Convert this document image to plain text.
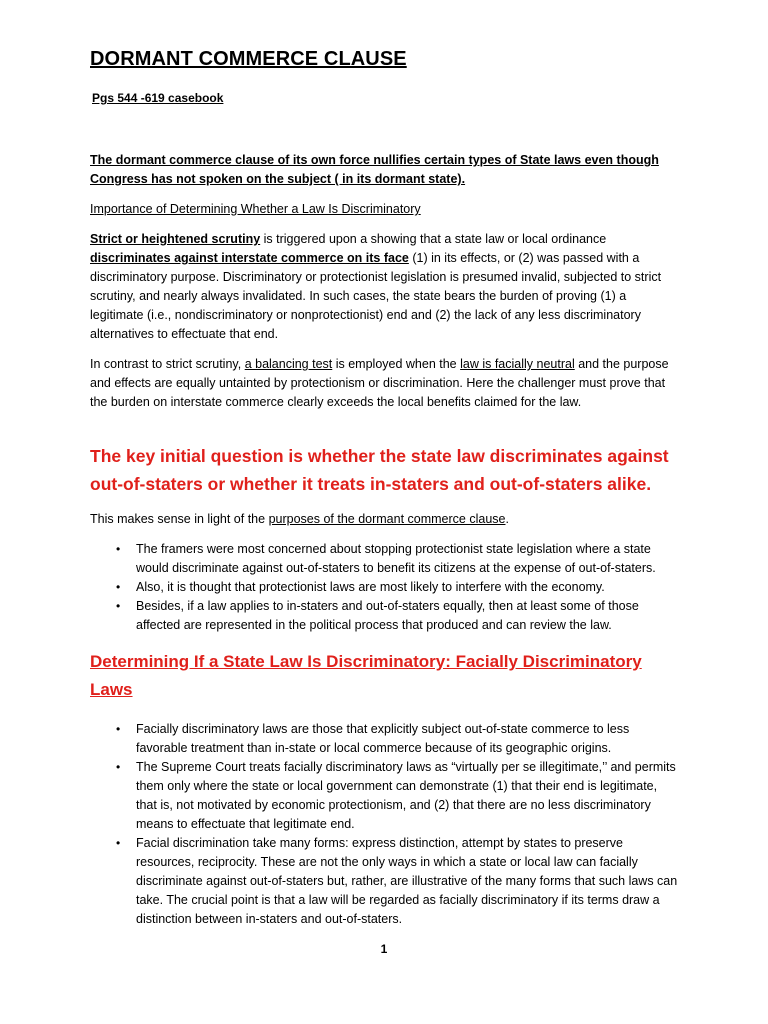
DORMANT COMMERCE CLAUSE
Pgs 544 -619 casebook

The dormant commerce clause of its own force nullifies certain types of State laws even though Congress has not spoken on the subject ( in its dormant state).

Importance of Determining Whether a Law Is Discriminatory

Strict or heightened scrutiny is triggered upon a showing that a state law or local ordinance discriminates against interstate commerce on its face (1) in its effects, or (2) was passed with a discriminatory purpose. Discriminatory or protectionist legislation is presumed invalid, subjected to strict scrutiny, and nearly always invalidated. In such cases, the state bears the burden of proving (1) a legitimate (i.e., nondiscriminatory or nonprotectionist) end and (2) the lack of any less discriminatory alternatives to effectuate that end.

In contrast to strict scrutiny, a balancing test is employed when the law is facially neutral and the purpose and effects are equally untainted by protectionism or discrimination. Here the challenger must prove that the burden on interstate commerce clearly exceeds the local benefits claimed for the law.

The key initial question is whether the state law discriminates against out-of-staters or whether it treats in-staters and out-of-staters alike.

This makes sense in light of the purposes of the dormant commerce clause.

• The framers were most concerned about stopping protectionist state legislation where a state would discriminate against out-of-staters to benefit its citizens at the expense of out-of-staters.
• Also, it is thought that protectionist laws are most likely to interfere with the economy.
• Besides, if a law applies to in-staters and out-of-staters equally, then at least some of those affected are represented in the political process that produced and can review the law.

Determining If a State Law Is Discriminatory: Facially Discriminatory Laws

• Facially discriminatory laws are those that explicitly subject out-of-state commerce to less favorable treatment than in-state or local commerce because of its geographic origins.
• The Supreme Court treats facially discriminatory laws as “virtually per se illegitimate,’’ and permits them only where the state or local government can demonstrate (1) that their end is legitimate, that is, not motivated by economic protectionism, and (2) that there are no less discriminatory means to effectuate that legitimate end.
• Facial discrimination take many forms: express distinction, attempt by states to preserve resources, reciprocity. These are not the only ways in which a state or local law can facially discriminate against out-of-staters but, rather, are illustrative of the many forms that such laws can take. The crucial point is that a law will be regarded as facially discriminatory if its terms draw a distinction between in-staters and out-of-staters.
1
